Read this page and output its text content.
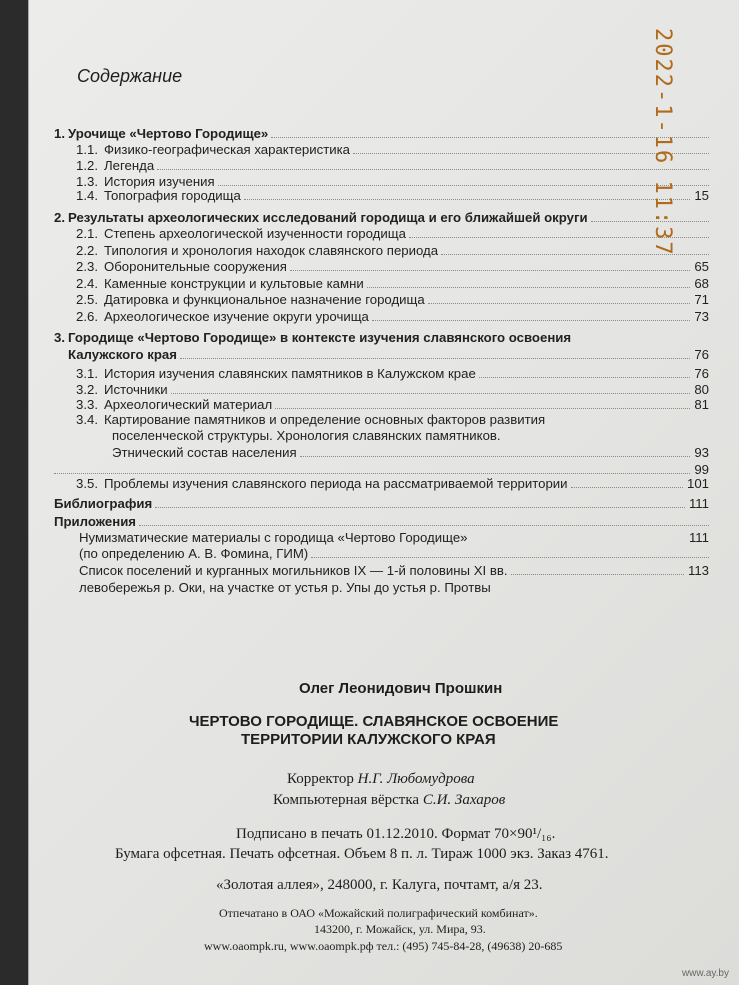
Содержание
1. Урочище «Чертово Городище»
1.1. Физико-географическая характеристика
1.2. Легенда
1.3. История изучения
1.4. Топография городища	15
2. Результаты археологических исследований городища и его ближайшей округи
2.1. Степень археологической изученности городища
2.2. Типология и хронология находок славянского периода
2.3. Оборонительные сооружения	65
2.4. Каменные конструкции и культовые камни	68
2.5. Датировка и функциональное назначение городища	71
2.6. Археологическое изучение округи урочища	73
3. Городище «Чертово Городище» в контексте изучения славянского освоения
Калужского края	76
3.1. История изучения славянских памятников в Калужском крае	76
3.2. Источники	80
3.3. Археологический материал	81
3.4. Картирование памятников и определение основных факторов развития
поселенческой структуры. Хронология славянских памятников.
Этнический состав населения	93
99
3.5. Проблемы изучения славянского периода на рассматриваемой территории	101
Библиография	111
Приложения
Нумизматические материалы с городища «Чертово Городище»	111
(по определению А. В. Фомина, ГИМ)
Список поселений и курганных могильников IX — 1-й половины XI вв.	113
левобережья р. Оки, на участке от устья р. Упы до устья р. Протвы
Олег Леонидович Прошкин
ЧЕРТОВО ГОРОДИЩЕ. СЛАВЯНСКОЕ ОСВОЕНИЕ
ТЕРРИТОРИИ КАЛУЖСКОГО КРАЯ
Корректор Н.Г. Любомудрова
Компьютерная вёрстка С.И. Захаров
Подписано в печать 01.12.2010. Формат 70×90¹/₁₆.
Бумага офсетная. Печать офсетная. Объем 8 п. л. Тираж 1000 экз. Заказ 4761.
«Золотая аллея», 248000, г. Калуга, почтамт, а/я 23.
Отпечатано в ОАО «Можайский полиграфический комбинат».
143200, г. Можайск, ул. Мира, 93.
www.oaompk.ru, www.oaompk.рф тел.: (495) 745-84-28, (49638) 20-685
2022-1-16 11:37
www.ay.by
